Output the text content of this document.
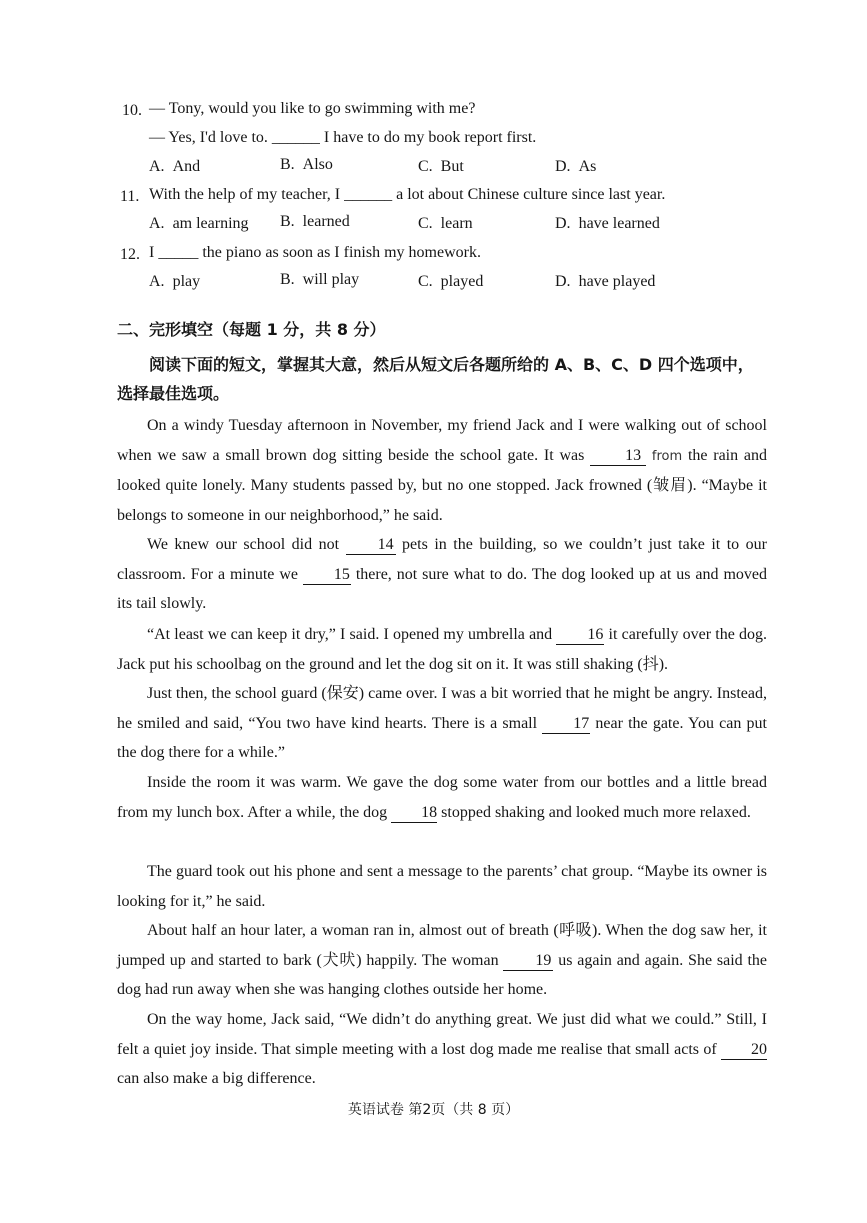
10. — Tony, would you like to go swimming with me?
— Yes, I'd love to. ______ I have to do my book report first.
A. And	B. Also	C. But	D. As
11. With the help of my teacher, I ______ a lot about Chinese culture since last year.
A. am learning B. learned	C. learn	D. have learned
12. I _____ the piano as soon as I finish my homework.
A. play	B. will play	C. played	D. have played
二、完形填空（每题 1 分，共 8 分）
阅读下面的短文，掌握其大意，然后从短文后各题所给的 A、B、C、D 四个选项中，选择最佳选项。
On a windy Tuesday afternoon in November, my friend Jack and I were walking out of school when we saw a small brown dog sitting beside the school gate. It was 13 from the rain and looked quite lonely. Many students passed by, but no one stopped. Jack frowned (皱眉). “Maybe it belongs to someone in our neighborhood,” he said.
We knew our school did not 14 pets in the building, so we couldn’t just take it to our classroom. For a minute we 15 there, not sure what to do. The dog looked up at us and moved its tail slowly.
“At least we can keep it dry,” I said. I opened my umbrella and 16 it carefully over the dog. Jack put his schoolbag on the ground and let the dog sit on it. It was still shaking (抖).
Just then, the school guard (保安) came over. I was a bit worried that he might be angry. Instead, he smiled and said, “You two have kind hearts. There is a small 17 near the gate. You can put the dog there for a while.”
Inside the room it was warm. We gave the dog some water from our bottles and a little bread from my lunch box. After a while, the dog 18 stopped shaking and looked much more relaxed.
The guard took out his phone and sent a message to the parents’ chat group. “Maybe its owner is looking for it,” he said.
About half an hour later, a woman ran in, almost out of breath (呼吸). When the dog saw her, it jumped up and started to bark (犬吠) happily. The woman 19 us again and again. She said the dog had run away when she was hanging clothes outside her home.
On the way home, Jack said, “We didn’t do anything great. We just did what we could.” Still, I felt a quiet joy inside. That simple meeting with a lost dog made me realise that small acts of 20 can also make a big difference.
英语试卷 第2页（共 8 页）
